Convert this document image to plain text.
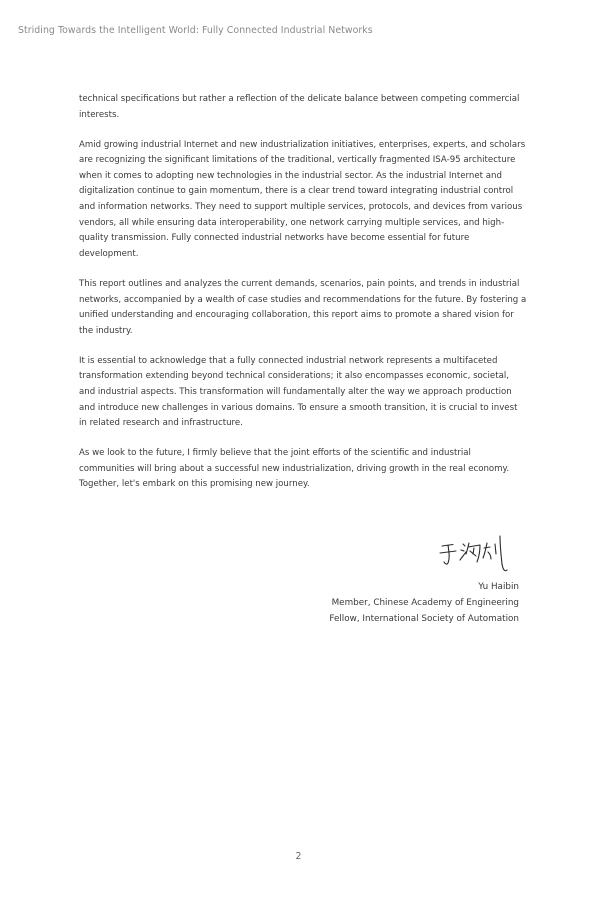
Striding Towards the Intelligent World: Fully Connected Industrial Networks

technical specifications but rather a reflection of the delicate balance between competing commercial interests.

Amid growing industrial Internet and new industrialization initiatives, enterprises, experts, and scholars are recognizing the significant limitations of the traditional, vertically fragmented ISA-95 architecture when it comes to adopting new technologies in the industrial sector. As the industrial Internet and digitalization continue to gain momentum, there is a clear trend toward integrating industrial control and information networks. They need to support multiple services, protocols, and devices from various vendors, all while ensuring data interoperability, one network carrying multiple services, and high-quality transmission. Fully connected industrial networks have become essential for future development.

This report outlines and analyzes the current demands, scenarios, pain points, and trends in industrial networks, accompanied by a wealth of case studies and recommendations for the future. By fostering a unified understanding and encouraging collaboration, this report aims to promote a shared vision for the industry.

It is essential to acknowledge that a fully connected industrial network represents a multifaceted transformation extending beyond technical considerations; it also encompasses economic, societal, and industrial aspects. This transformation will fundamentally alter the way we approach production and introduce new challenges in various domains. To ensure a smooth transition, it is crucial to invest in related research and infrastructure.

As we look to the future, I firmly believe that the joint efforts of the scientific and industrial communities will bring about a successful new industrialization, driving growth in the real economy. Together, let's embark on this promising new journey.

Yu Haibin
Member, Chinese Academy of Engineering
Fellow, International Society of Automation
2
